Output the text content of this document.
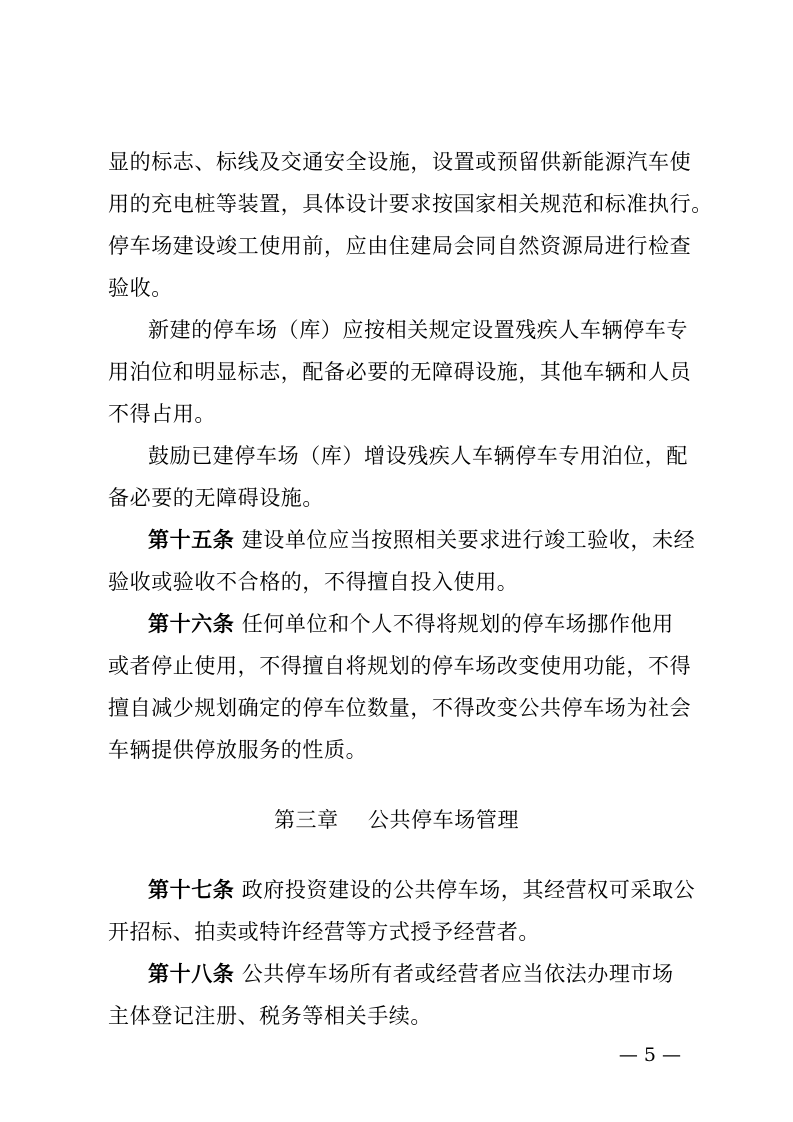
显的标志、标线及交通安全设施，设置或预留供新能源汽车使
用的充电桩等装置，具体设计要求按国家相关规范和标准执行。
停车场建设竣工使用前，应由住建局会同自然资源局进行检查
验收。
新建的停车场（库）应按相关规定设置残疾人车辆停车专
用泊位和明显标志，配备必要的无障碍设施，其他车辆和人员
不得占用。
鼓励已建停车场（库）增设残疾人车辆停车专用泊位，配
备必要的无障碍设施。
第十五条 建设单位应当按照相关要求进行竣工验收，未经
验收或验收不合格的，不得擅自投入使用。
第十六条 任何单位和个人不得将规划的停车场挪作他用
或者停止使用，不得擅自将规划的停车场改变使用功能，不得
擅自减少规划确定的停车位数量，不得改变公共停车场为社会
车辆提供停放服务的性质。
第三章    公共停车场管理
第十七条 政府投资建设的公共停车场，其经营权可采取公
开招标、拍卖或特许经营等方式授予经营者。
第十八条 公共停车场所有者或经营者应当依法办理市场
主体登记注册、税务等相关手续。
— 5 —
